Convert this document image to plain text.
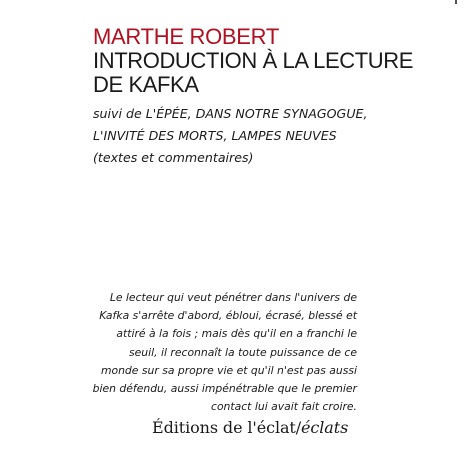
MARTHE ROBERT
INTRODUCTION À LA LECTURE
DE KAFKA
suivi de L'ÉPÉE, DANS NOTRE SYNAGOGUE,
L'INVITÉ DES MORTS, LAMPES NEUVES
(textes et commentaires)
Le lecteur qui veut pénétrer dans l'univers de
Kafka s'arrête d'abord, ébloui, écrasé, blessé et
attiré à la fois ; mais dès qu'il en a franchi le
seuil, il reconnaît la toute puissance de ce
monde sur sa propre vie et qu'il n'est pas aussi
bien défendu, aussi impénétrable que le premier
contact lui avait fait croire.
Éditions de l'éclat/éclats
